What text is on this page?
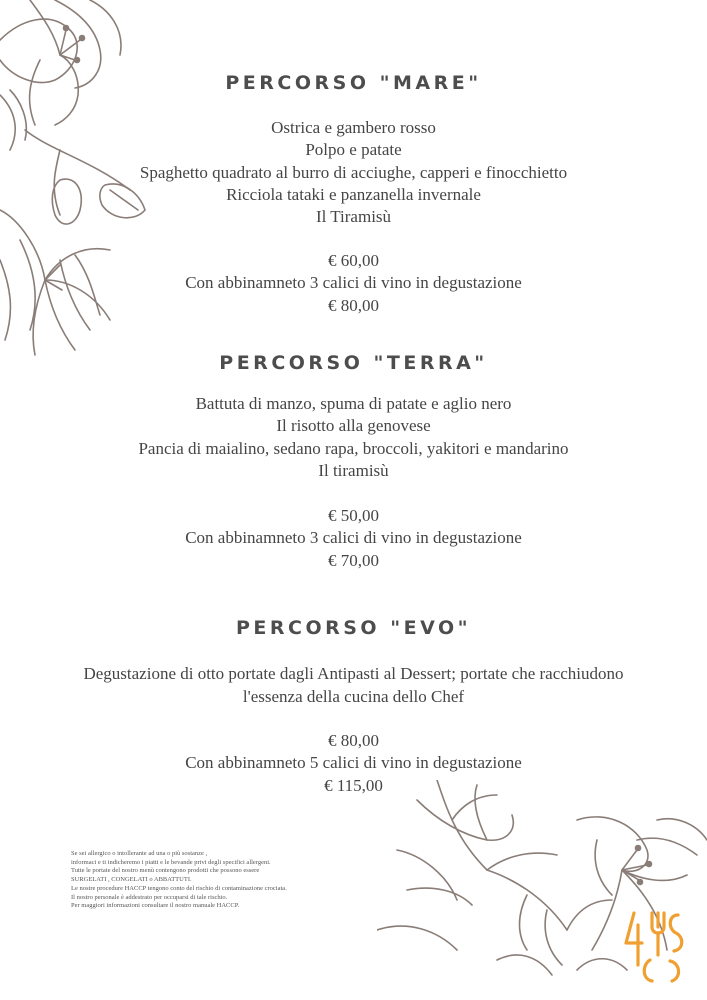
PERCORSO "MARE"
Ostrica e gambero rosso
Polpo e patate
Spaghetto quadrato al burro di acciughe, capperi e finocchietto
Ricciola tataki e panzanella invernale
Il Tiramisù
€ 60,00
Con abbinamneto 3 calici di vino in degustazione
€ 80,00
PERCORSO "TERRA"
Battuta di manzo, spuma di patate e aglio nero
Il risotto alla genovese
Pancia di maialino, sedano rapa, broccoli, yakitori e mandarino
Il tiramisù
€ 50,00
Con abbinamneto 3 calici di vino in degustazione
€ 70,00
PERCORSO "EVO"
Degustazione di otto portate dagli Antipasti al Dessert; portate che racchiudono
l'essenza della cucina dello Chef
€ 80,00
Con abbinamneto 5 calici di vino in degustazione
€ 115,00
Se sei allergico o intollerante ad una o più sostanze ,
informaci e ti indicheremo i piatti e le bevande privi degli specifici allergeni.
Tutte le portate del nostro menù contengono prodotti che possono essere
SURGELATI , CONGELATI o ABBATTUTI.
Le nostre procedure HACCP tengono conto del rischio di contaminazione crociata.
Il nostro personale è addestrato per occuparsi di tale rischio.
Per maggiori informazioni consultare il nostro manuale HACCP.
